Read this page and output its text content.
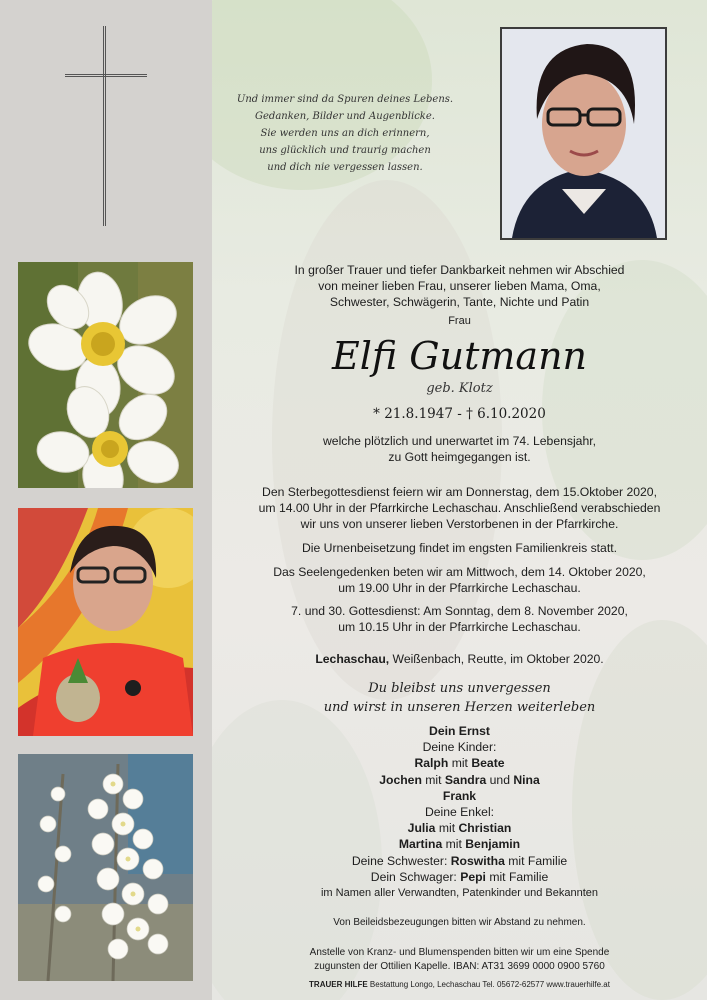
Und immer sind da Spuren deines Lebens.
Gedanken, Bilder und Augenblicke.
Sie werden uns an dich erinnern,
uns glücklich und traurig machen
und dich nie vergessen lassen.
In großer Trauer und tiefer Dankbarkeit nehmen wir Abschied
von meiner lieben Frau, unserer lieben Mama, Oma,
Schwester, Schwägerin, Tante, Nichte und Patin
Frau
Elfi Gutmann
geb. Klotz
* 21.8.1947 - † 6.10.2020
welche plötzlich und unerwartet im 74. Lebensjahr,
zu Gott heimgegangen ist.
Den Sterbegottesdienst feiern wir am Donnerstag, dem 15.Oktober 2020,
um 14.00 Uhr in der Pfarrkirche Lechaschau. Anschließend verabschieden
wir uns von unserer lieben Verstorbenen in der Pfarrkirche.
Die Urnenbeisetzung findet im engsten Familienkreis statt.
Das Seelengedenken beten wir am Mittwoch, dem 14. Oktober 2020,
um 19.00 Uhr in der Pfarrkirche Lechaschau.
7. und 30. Gottesdienst: Am Sonntag, dem 8. November 2020,
um 10.15 Uhr in der Pfarrkirche Lechaschau.
Lechaschau, Weißenbach, Reutte, im Oktober 2020.
Du bleibst uns unvergessen
und wirst in unseren Herzen weiterleben
Dein Ernst
Deine Kinder:
Ralph mit Beate
Jochen mit Sandra und Nina
Frank
Deine Enkel:
Julia mit Christian
Martina mit Benjamin
Deine Schwester: Roswitha mit Familie
Dein Schwager: Pepi mit Familie
im Namen aller Verwandten, Patenkinder und Bekannten
Von Beileidsbezeugungen bitten wir Abstand zu nehmen.
Anstelle von Kranz- und Blumenspenden bitten wir um eine Spende
zugunsten der Ottilien Kapelle. IBAN: AT31 3699 0000 0900 5760
TRAUER HILFE Bestattung Longo, Lechaschau Tel. 05672-62577 www.trauerhilfe.at
